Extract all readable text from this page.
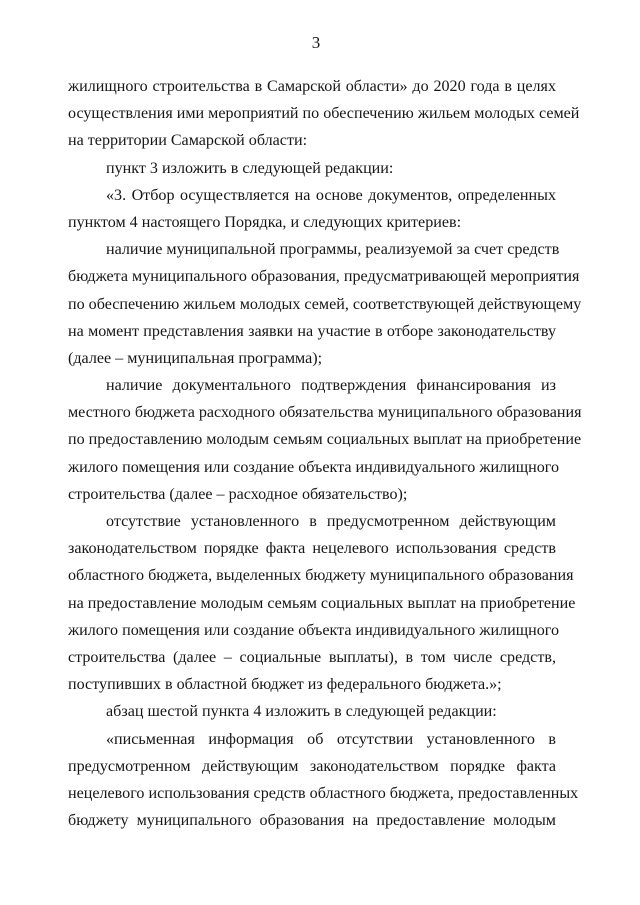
3
жилищного строительства в Самарской области» до 2020 года в целях
осуществления ими мероприятий по обеспечению жильем молодых семей
на территории Самарской области:
пункт 3 изложить в следующей редакции:
«3. Отбор осуществляется на основе документов, определенных
пунктом 4 настоящего Порядка, и следующих критериев:
наличие муниципальной программы, реализуемой за счет средств
бюджета муниципального образования, предусматривающей мероприятия
по обеспечению жильем молодых семей, соответствующей действующему
на момент представления заявки на участие в отборе законодательству
(далее – муниципальная программа);
наличие документального подтверждения финансирования из
местного бюджета расходного обязательства муниципального образования
по предоставлению молодым семьям социальных выплат на приобретение
жилого помещения или создание объекта индивидуального жилищного
строительства (далее – расходное обязательство);
отсутствие установленного в предусмотренном действующим
законодательством порядке факта нецелевого использования средств
областного бюджета, выделенных бюджету муниципального образования
на предоставление молодым семьям социальных выплат на приобретение
жилого помещения или создание объекта индивидуального жилищного
строительства (далее – социальные выплаты), в том числе средств,
поступивших в областной бюджет из федерального бюджета.»;
абзац шестой пункта 4 изложить в следующей редакции:
«письменная информация об отсутствии установленного в
предусмотренном действующим законодательством порядке факта
нецелевого использования средств областного бюджета, предоставленных
бюджету муниципального образования на предоставление молодым
